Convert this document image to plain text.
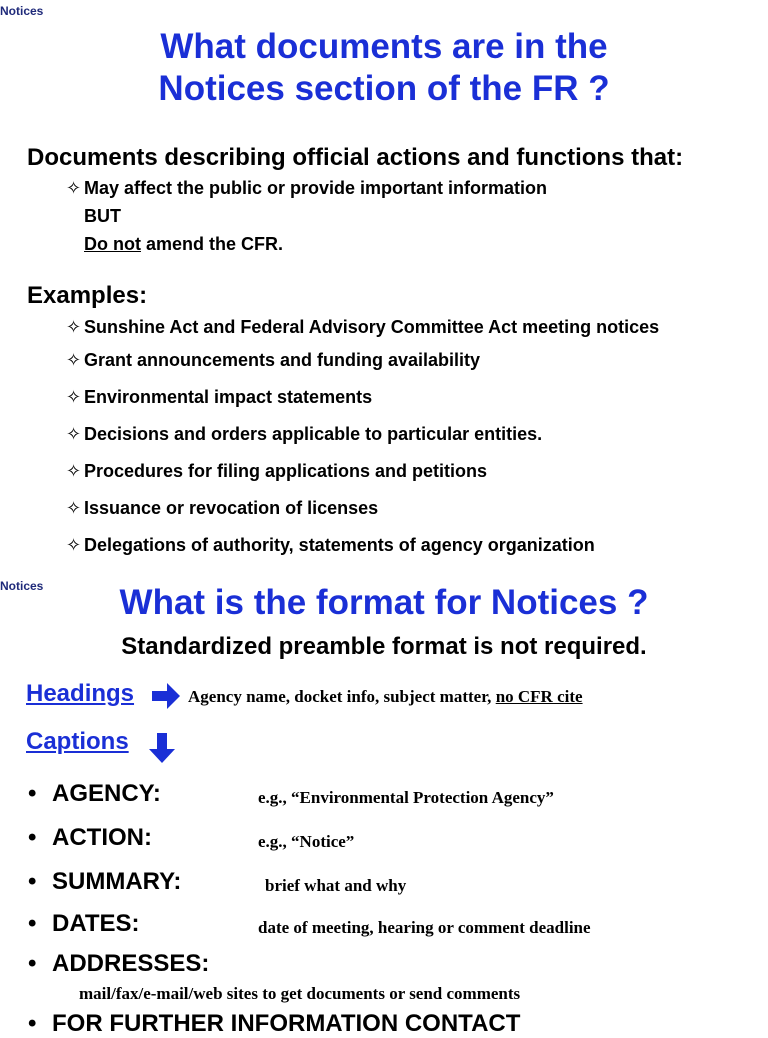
Notices
What documents are in the
Notices section of the FR ?
Documents describing official actions and functions that:
✧ May affect the public or provide important information
BUT
Do not amend the CFR.
Examples:
✧ Sunshine Act and Federal Advisory Committee Act meeting notices
✧ Grant announcements and funding availability
✧ Environmental impact statements
✧ Decisions and orders applicable to particular entities.
✧ Procedures for filing applications and petitions
✧ Issuance or revocation of licenses
✧ Delegations of authority, statements of agency organization
Notices	What is the format for Notices ?
Standardized preamble format is not required.
Headings	Agency name, docket info, subject matter, no CFR cite
Captions
• AGENCY:	e.g., “Environmental Protection Agency”
• ACTION:	e.g., “Notice”
• SUMMARY:	brief what and why
• DATES:	date of meeting, hearing or comment deadline
• ADDRESSES:
mail/fax/e-mail/web sites to get documents or send comments
• FOR FURTHER INFORMATION CONTACT
